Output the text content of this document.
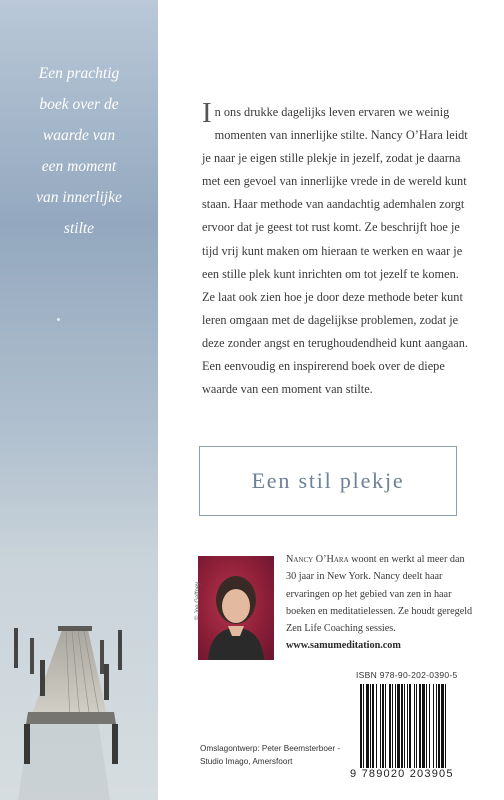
Een prachtig
boek over de
waarde van
een moment
van innerlijke
stilte
In ons drukke dagelijks leven ervaren we weinig momenten van innerlijke stilte. Nancy O’Hara leidt je naar je eigen stille plekje in jezelf, zodat je daarna met een gevoel van innerlijke vrede in de wereld kunt staan. Haar methode van aandachtig ademhalen zorgt ervoor dat je geest tot rust komt. Ze beschrijft hoe je tijd vrij kunt maken om hieraan te werken en waar je een stille plek kunt inrichten om tot jezelf te komen. Ze laat ook zien hoe je door deze methode beter kunt leren omgaan met de dagelijkse problemen, zodat je deze zonder angst en terughoudendheid kunt aangaan. Een eenvoudig en inspirerend boek over de diepe waarde van een moment van stilte.
Een stil plekje
© Joe Gaffney
Nancy O’Hara woont en werkt al meer dan 30 jaar in New York. Nancy deelt haar ervaringen op het gebied van zen in haar boeken en meditatielessen. Ze houdt geregeld Zen Life Coaching sessies. www.samumeditation.com
ISBN 978-90-202-0390-5
9 789020 203905
Omslagontwerp: Peter Beemsterboer -
Studio Imago, Amersfoort
